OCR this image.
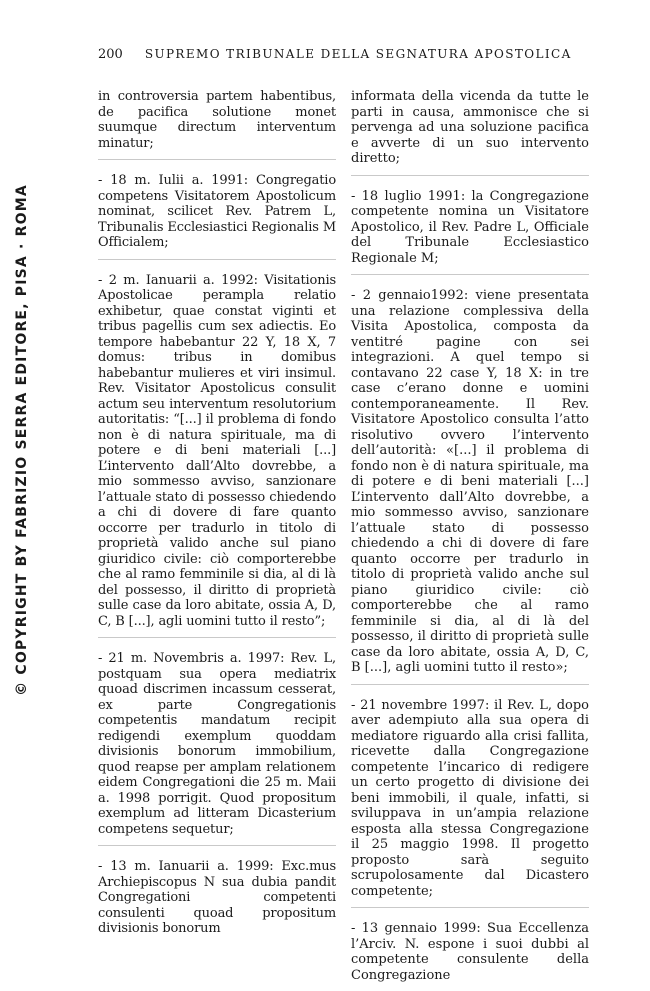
© COPYRIGHT BY FABRIZIO SERRA EDITORE, PISA · ROMA
200 SUPREMO TRIBUNALE DELLA SEGNATURA APOSTOLICA

in controversia partem habentibus, de pacifica solutione monet suumque directum interventum minatur;

- 18 m. Iulii a. 1991: Congregatio competens Visitatorem Apostolicum nominat, scilicet Rev. Patrem L, Tribunalis Ecclesiastici Regionalis M Officialem;

- 2 m. Ianuarii a. 1992: Visitationis Apostolicae perampla relatio exhibetur, quae constat viginti et tribus pagellis cum sex adiectis. Eo tempore habebantur 22 Y, 18 X, 7 domus: tribus in domibus habebantur mulieres et viri insimul. Rev. Visitator Apostolicus consulit actum seu interventum resolutorium autoritatis: “[...] il problema di fondo non è di natura spirituale, ma di potere e di beni materiali [...] L’intervento dall’Alto dovrebbe, a mio sommesso avviso, sanzionare l’attuale stato di possesso chiedendo a chi di dovere di fare quanto occorre per tradurlo in titolo di proprietà valido anche sul piano giuridico civile: ciò comporterebbe che al ramo femminile si dia, al di là del possesso, il diritto di proprietà sulle case da loro abitate, ossia A, D, C, B [...], agli uomini tutto il resto”;

- 21 m. Novembris a. 1997: Rev. L, postquam sua opera mediatrix quoad discrimen incassum cesserat, ex parte Congregationis competentis mandatum recipit redigendi exemplum quoddam divisionis bonorum immobilium, quod reapse per amplam relationem eidem Congregationi die 25 m. Maii a. 1998 porrigit. Quod propositum exemplum ad litteram Dicasterium competens sequetur;

- 13 m. Ianuarii a. 1999: Exc.mus Archiepiscopus N sua dubia pandit Congregationi competenti consulenti quoad propositum divisionis bonorum

informata della vicenda da tutte le parti in causa, ammonisce che si pervenga ad una soluzione pacifica e avverte di un suo intervento diretto;

- 18 luglio 1991: la Congregazione competente nomina un Visitatore Apostolico, il Rev. Padre L, Officiale del Tribunale Ecclesiastico Regionale M;

- 2 gennaio1992: viene presentata una relazione complessiva della Visita Apostolica, composta da ventitré pagine con sei integrazioni. A quel tempo si contavano 22 case Y, 18 X: in tre case c’erano donne e uomini contemporaneamente. Il Rev. Visitatore Apostolico consulta l’atto risolutivo ovvero l’intervento dell’autorità: «[...] il problema di fondo non è di natura spirituale, ma di potere e di beni materiali [...] L’intervento dall’Alto dovrebbe, a mio sommesso avviso, sanzionare l’attuale stato di possesso chiedendo a chi di dovere di fare quanto occorre per tradurlo in titolo di proprietà valido anche sul piano giuridico civile: ciò comporterebbe che al ramo femminile si dia, al di là del possesso, il diritto di proprietà sulle case da loro abitate, ossia A, D, C, B [...], agli uomini tutto il resto»;

- 21 novembre 1997: il Rev. L, dopo aver adempiuto alla sua opera di mediatore riguardo alla crisi fallita, ricevette dalla Congregazione competente l’incarico di redigere un certo progetto di divisione dei beni immobili, il quale, infatti, si sviluppava in un’ampia relazione esposta alla stessa Congregazione il 25 maggio 1998. Il progetto proposto sarà seguito scrupolosamente dal Dicastero competente;

- 13 gennaio 1999: Sua Eccellenza l’Arciv. N. espone i suoi dubbi al competente consulente della Congregazione
